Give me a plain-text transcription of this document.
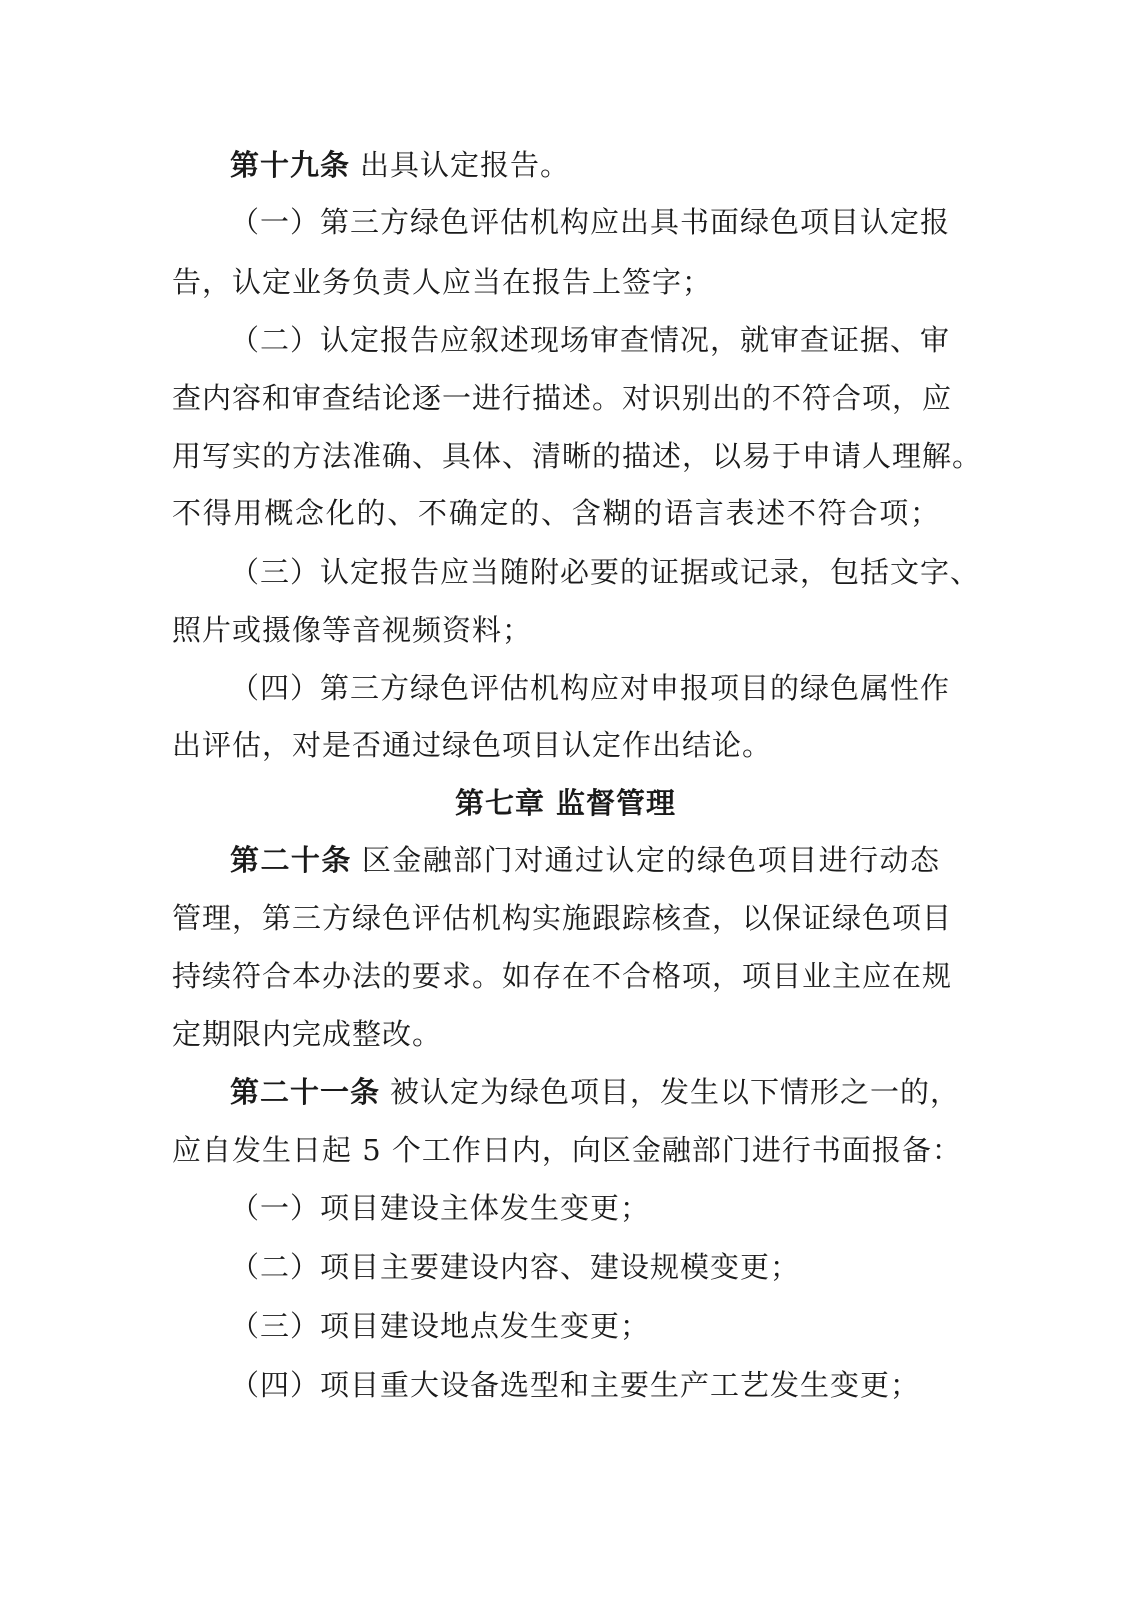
第十九条 出具认定报告。
（一）第三方绿色评估机构应出具书面绿色项目认定报
告，认定业务负责人应当在报告上签字；
（二）认定报告应叙述现场审查情况，就审查证据、审
查内容和审查结论逐一进行描述。对识别出的不符合项，应
用写实的方法准确、具体、清晰的描述，以易于申请人理解。
不得用概念化的、不确定的、含糊的语言表述不符合项；
（三）认定报告应当随附必要的证据或记录，包括文字、
照片或摄像等音视频资料；
（四）第三方绿色评估机构应对申报项目的绿色属性作
出评估，对是否通过绿色项目认定作出结论。
第七章 监督管理
第二十条 区金融部门对通过认定的绿色项目进行动态
管理，第三方绿色评估机构实施跟踪核查，以保证绿色项目
持续符合本办法的要求。如存在不合格项，项目业主应在规
定期限内完成整改。
第二十一条 被认定为绿色项目，发生以下情形之一的，
应自发生日起 5 个工作日内，向区金融部门进行书面报备：
（一）项目建设主体发生变更；
（二）项目主要建设内容、建设规模变更；
（三）项目建设地点发生变更；
（四）项目重大设备选型和主要生产工艺发生变更；
